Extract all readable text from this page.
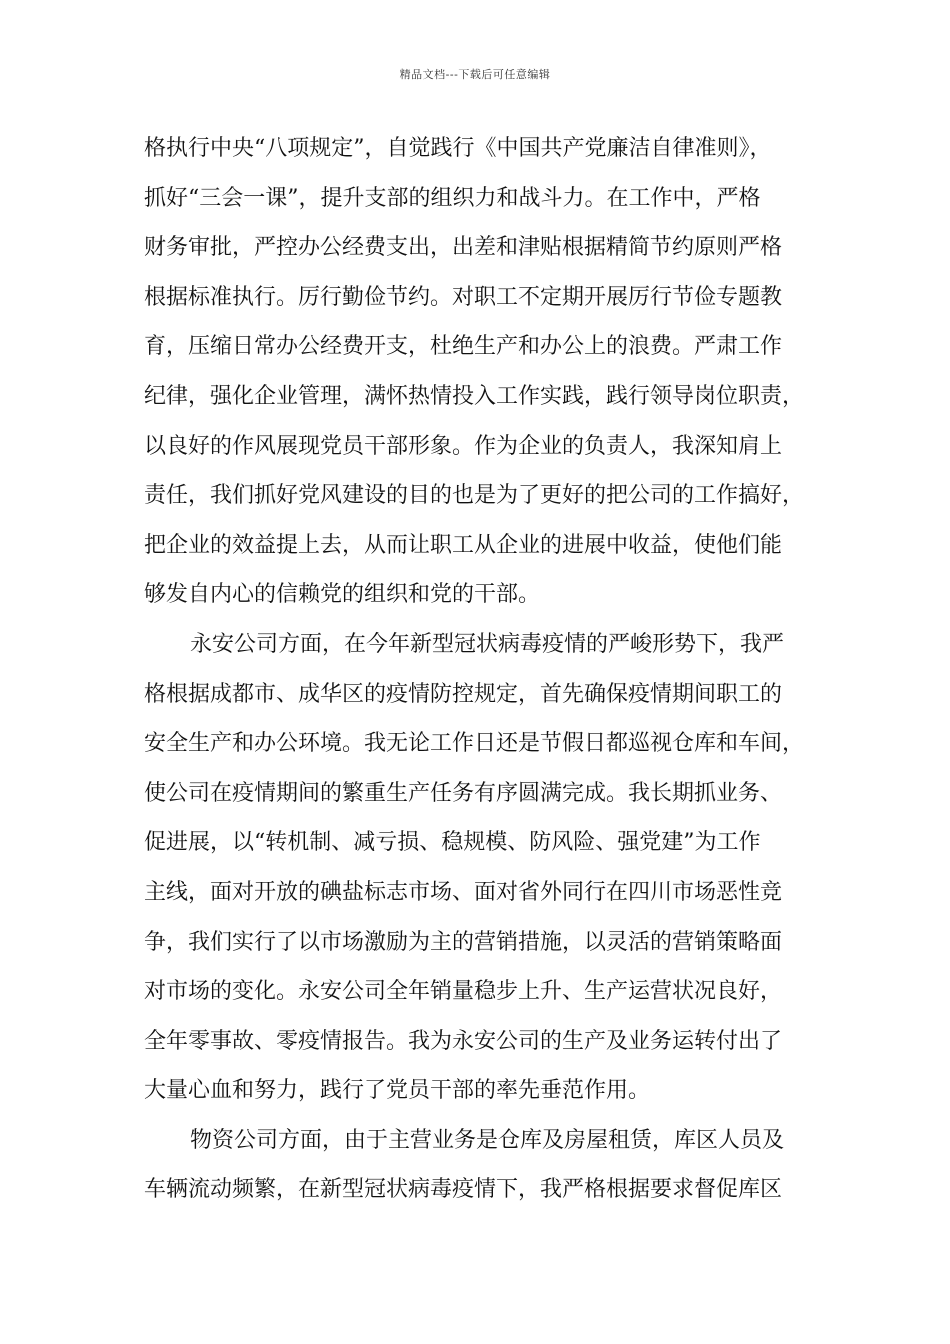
精品文档---下载后可任意编辑
格执行中央“八项规定”，自觉践行《中国共产党廉洁自律准则》，
抓好“三会一课”，提升支部的组织力和战斗力。在工作中，严格
财务审批，严控办公经费支出，出差和津贴根据精简节约原则严格
根据标准执行。厉行勤俭节约。对职工不定期开展厉行节俭专题教
育，压缩日常办公经费开支，杜绝生产和办公上的浪费。严肃工作
纪律，强化企业管理，满怀热情投入工作实践，践行领导岗位职责，
以良好的作风展现党员干部形象。作为企业的负责人，我深知肩上
责任，我们抓好党风建设的目的也是为了更好的把公司的工作搞好，
把企业的效益提上去，从而让职工从企业的进展中收益，使他们能
够发自内心的信赖党的组织和党的干部。
永安公司方面，在今年新型冠状病毒疫情的严峻形势下，我严
格根据成都市、成华区的疫情防控规定，首先确保疫情期间职工的
安全生产和办公环境。我无论工作日还是节假日都巡视仓库和车间，
使公司在疫情期间的繁重生产任务有序圆满完成。我长期抓业务、
促进展，以“转机制、减亏损、稳规模、防风险、强党建”为工作
主线，面对开放的碘盐标志市场、面对省外同行在四川市场恶性竞
争，我们实行了以市场激励为主的营销措施，以灵活的营销策略面
对市场的变化。永安公司全年销量稳步上升、生产运营状况良好，
全年零事故、零疫情报告。我为永安公司的生产及业务运转付出了
大量心血和努力，践行了党员干部的率先垂范作用。
物资公司方面，由于主营业务是仓库及房屋租赁，库区人员及
车辆流动频繁，在新型冠状病毒疫情下，我严格根据要求督促库区
